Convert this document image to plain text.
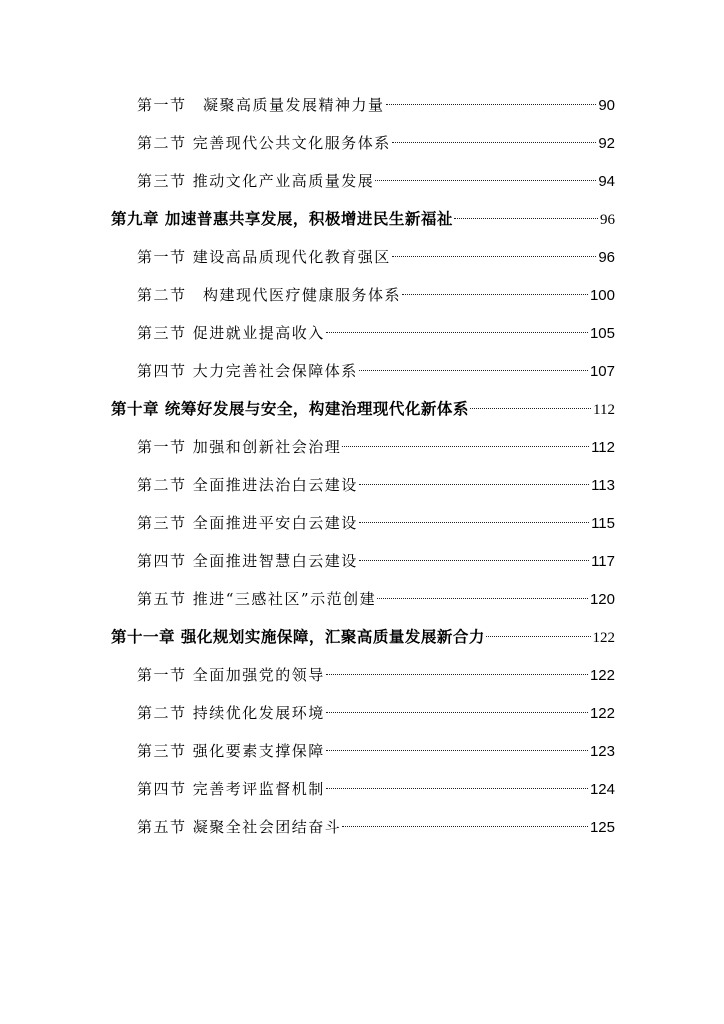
第一节　凝聚高质量发展精神力量	90
第二节 完善现代公共文化服务体系	92
第三节 推动文化产业高质量发展	94
第九章 加速普惠共享发展，积极增进民生新福祉	96
第一节 建设高品质现代化教育强区	96
第二节　构建现代医疗健康服务体系	100
第三节 促进就业提高收入	105
第四节 大力完善社会保障体系	107
第十章 统筹好发展与安全，构建治理现代化新体系	112
第一节 加强和创新社会治理	112
第二节 全面推进法治白云建设	113
第三节 全面推进平安白云建设	115
第四节 全面推进智慧白云建设	117
第五节 推进“三感社区”示范创建	120
第十一章 强化规划实施保障，汇聚高质量发展新合力	122
第一节 全面加强党的领导	122
第二节 持续优化发展环境	122
第三节 强化要素支撑保障	123
第四节 完善考评监督机制	124
第五节 凝聚全社会团结奋斗	125
